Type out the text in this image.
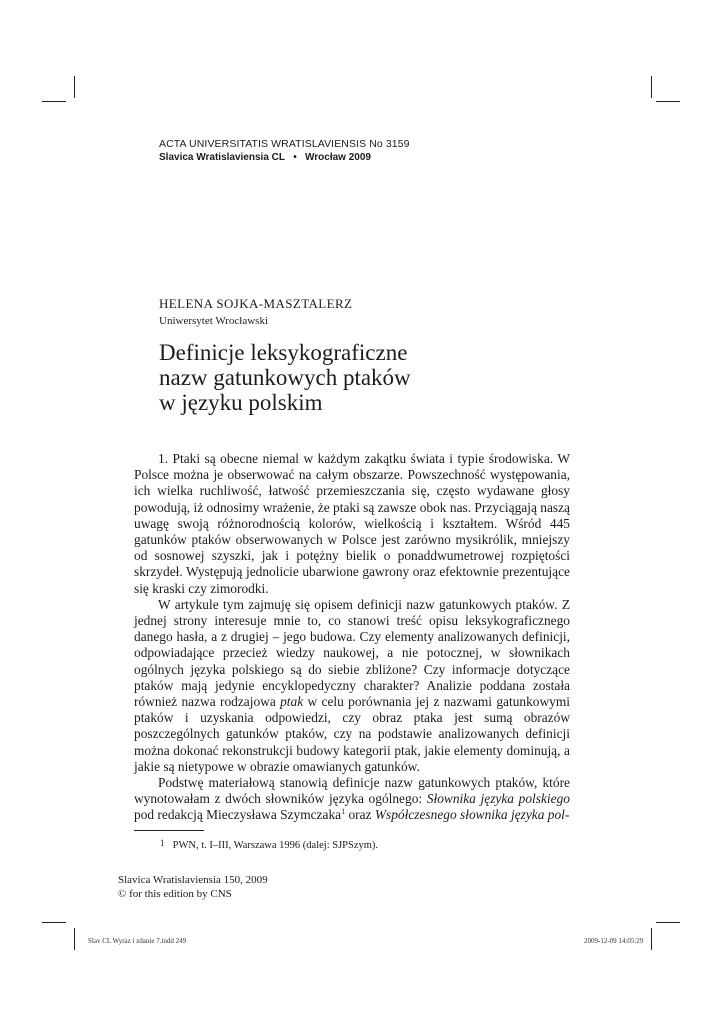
ACTA UNIVERSITATIS WRATISLAVIENSIS No 3159
Slavica Wratislaviensia CL • Wrocław 2009
HELENA SOJKA-MASZTALERZ
Uniwersytet Wrocławski
Definicje leksykograficzne
nazw gatunkowych ptaków
w języku polskim

1. Ptaki są obecne niemal w każdym zakątku świata i typie środowiska. W Polsce można je obserwować na całym obszarze. Powszechność występowania, ich wielka ruchliwość, łatwość przemieszczania się, często wydawane głosy powodują, iż odnosimy wrażenie, że ptaki są zawsze obok nas. Przyciągają naszą uwagę swoją różnorodnością kolorów, wielkością i kształtem. Wśród 445 gatunków ptaków obserwowanych w Polsce jest zarówno mysikrólik, mniejszy od sosnowej szyszki, jak i potężny bielik o ponaddwumetrowej rozpiętości skrzydeł. Występują jednolicie ubarwione gawrony oraz efektownie prezentujące się kraski czy zimorodki.

W artykule tym zajmuję się opisem definicji nazw gatunkowych ptaków. Z jednej strony interesuje mnie to, co stanowi treść opisu leksykograficznego danego hasła, a z drugiej – jego budowa. Czy elementy analizowanych definicji, odpowiadające przecież wiedzy naukowej, a nie potocznej, w słownikach ogólnych języka polskiego są do siebie zbliżone? Czy informacje dotyczące ptaków mają jedynie encyklopedyczny charakter? Analizie poddana została również nazwa rodzajowa ptak w celu porównania jej z nazwami gatunkowymi ptaków i uzyskania odpowiedzi, czy obraz ptaka jest sumą obrazów poszczególnych gatunków ptaków, czy na podstawie analizowanych definicji można dokonać rekonstrukcji budowy kategorii ptak, jakie elementy dominują, a jakie są nietypowe w obrazie omawianych gatunków.

Podstwę materiałową stanowią definicje nazw gatunkowych ptaków, które wynotowałam z dwóch słowników języka ogólnego: Słownika języka polskiego pod redakcją Mieczysława Szymczaka$^1$ oraz Współczesnego słownika języka pol-

1 PWN, t. I–III, Warszawa 1996 (dalej: SJPSzym).
Slavica Wratislaviensia 150, 2009
© for this edition by CNS
Slav CL Wyraz i zdanie 7.indd 249	2009-12-09 14:05:29
